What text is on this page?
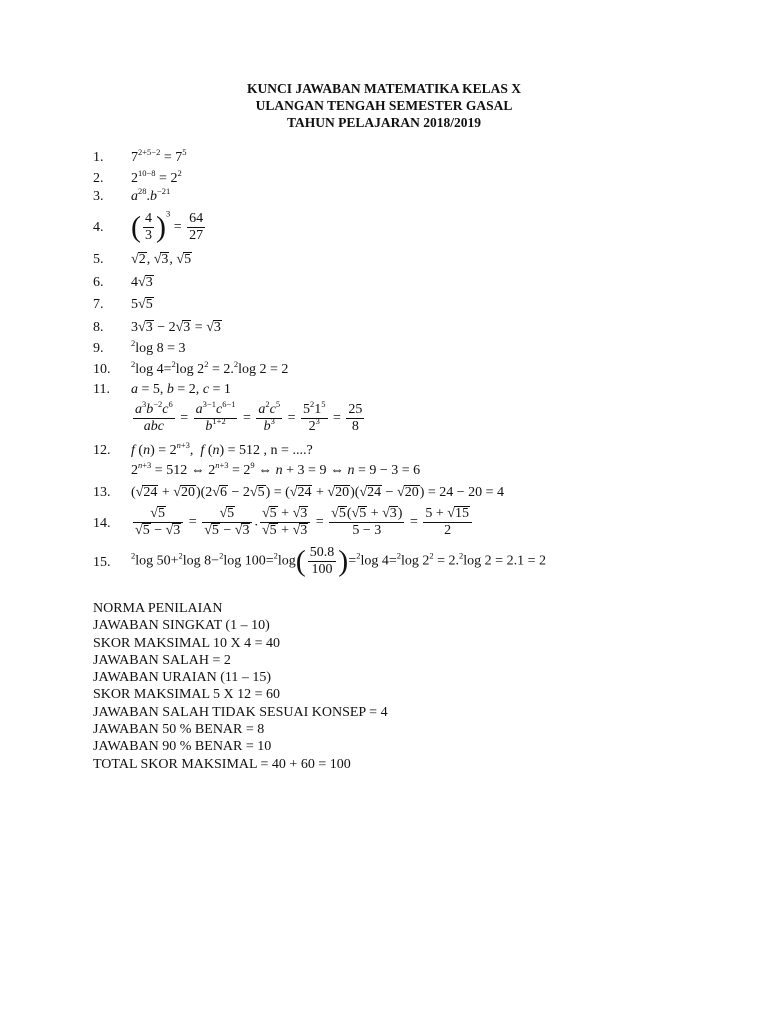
KUNCI JAWABAN MATEMATIKA KELAS X
ULANGAN TENGAH SEMESTER GASAL
TAHUN PELAJARAN 2018/2019
1.
2.
3.
4.
5.
6.
7.
8.
9.
10.
11.
12.
13.
14.
15.
$7^{2+5-2} = 7^5$
$2^{10-8} = 2^2$
$a^{28}.b^{-21}$
( $\frac{4}{3} )^3 = \frac{64}{27}$
√2, √3, √5
4√3
5√5
3√3 − 2√3 = √3
$^2$log 8 = 3
$^2$log 4=$^2$log $2^2 = 2.^2\log$ 2 = 2
a = 5, b = 2, c = 1
$\frac{a^3b^{-2}c^6}{\text{abc}} = \frac{a^{3-1}c^{6-1}}{b^{1+2}} = \frac{a^2c^5}{b^3} = \frac{5^21^5}{2^3} = \frac{25}{8}$
f $(n) = 2^{n+3}$,  f (n) = 512 , n = ....?
$2^{n+3} = 512$ ⇔ $2^{n+3} = 2^9$ ⇔ n + 3 = 9 ⇔ n = 9 − 3 = 6
(√24 + √20)(2√6 − 2√5) = (√24 + √20)(√24 − √20) = 24 − 20 = 4
$\frac{√5}{√5 - √3} = \frac{√5}{√5 - √3}$ . $\frac{√5 + √3}{√5 + √3} = \frac{√5(√5 + √3)}{5 - 3} = \frac{5 + √15}{2}$
$^2$log 50+$^2$log 8−$^2$log $100=^2\log( \frac{50.8}{100} )=^2\log$ 4=$^2$log $2^2 = 2.^2\log$ 2 = 2.1 = 2
NORMA PENILAIAN
JAWABAN SINGKAT (1 – 10)
SKOR MAKSIMAL 10 X 4 = 40
JAWABAN SALAH = 2
JAWABAN URAIAN (11 – 15)
SKOR MAKSIMAL 5 X 12 = 60
JAWABAN SALAH TIDAK SESUAI KONSEP = 4
JAWABAN 50 % BENAR = 8
JAWABAN 90 % BENAR = 10
TOTAL SKOR MAKSIMAL = 40 + 60 = 100
